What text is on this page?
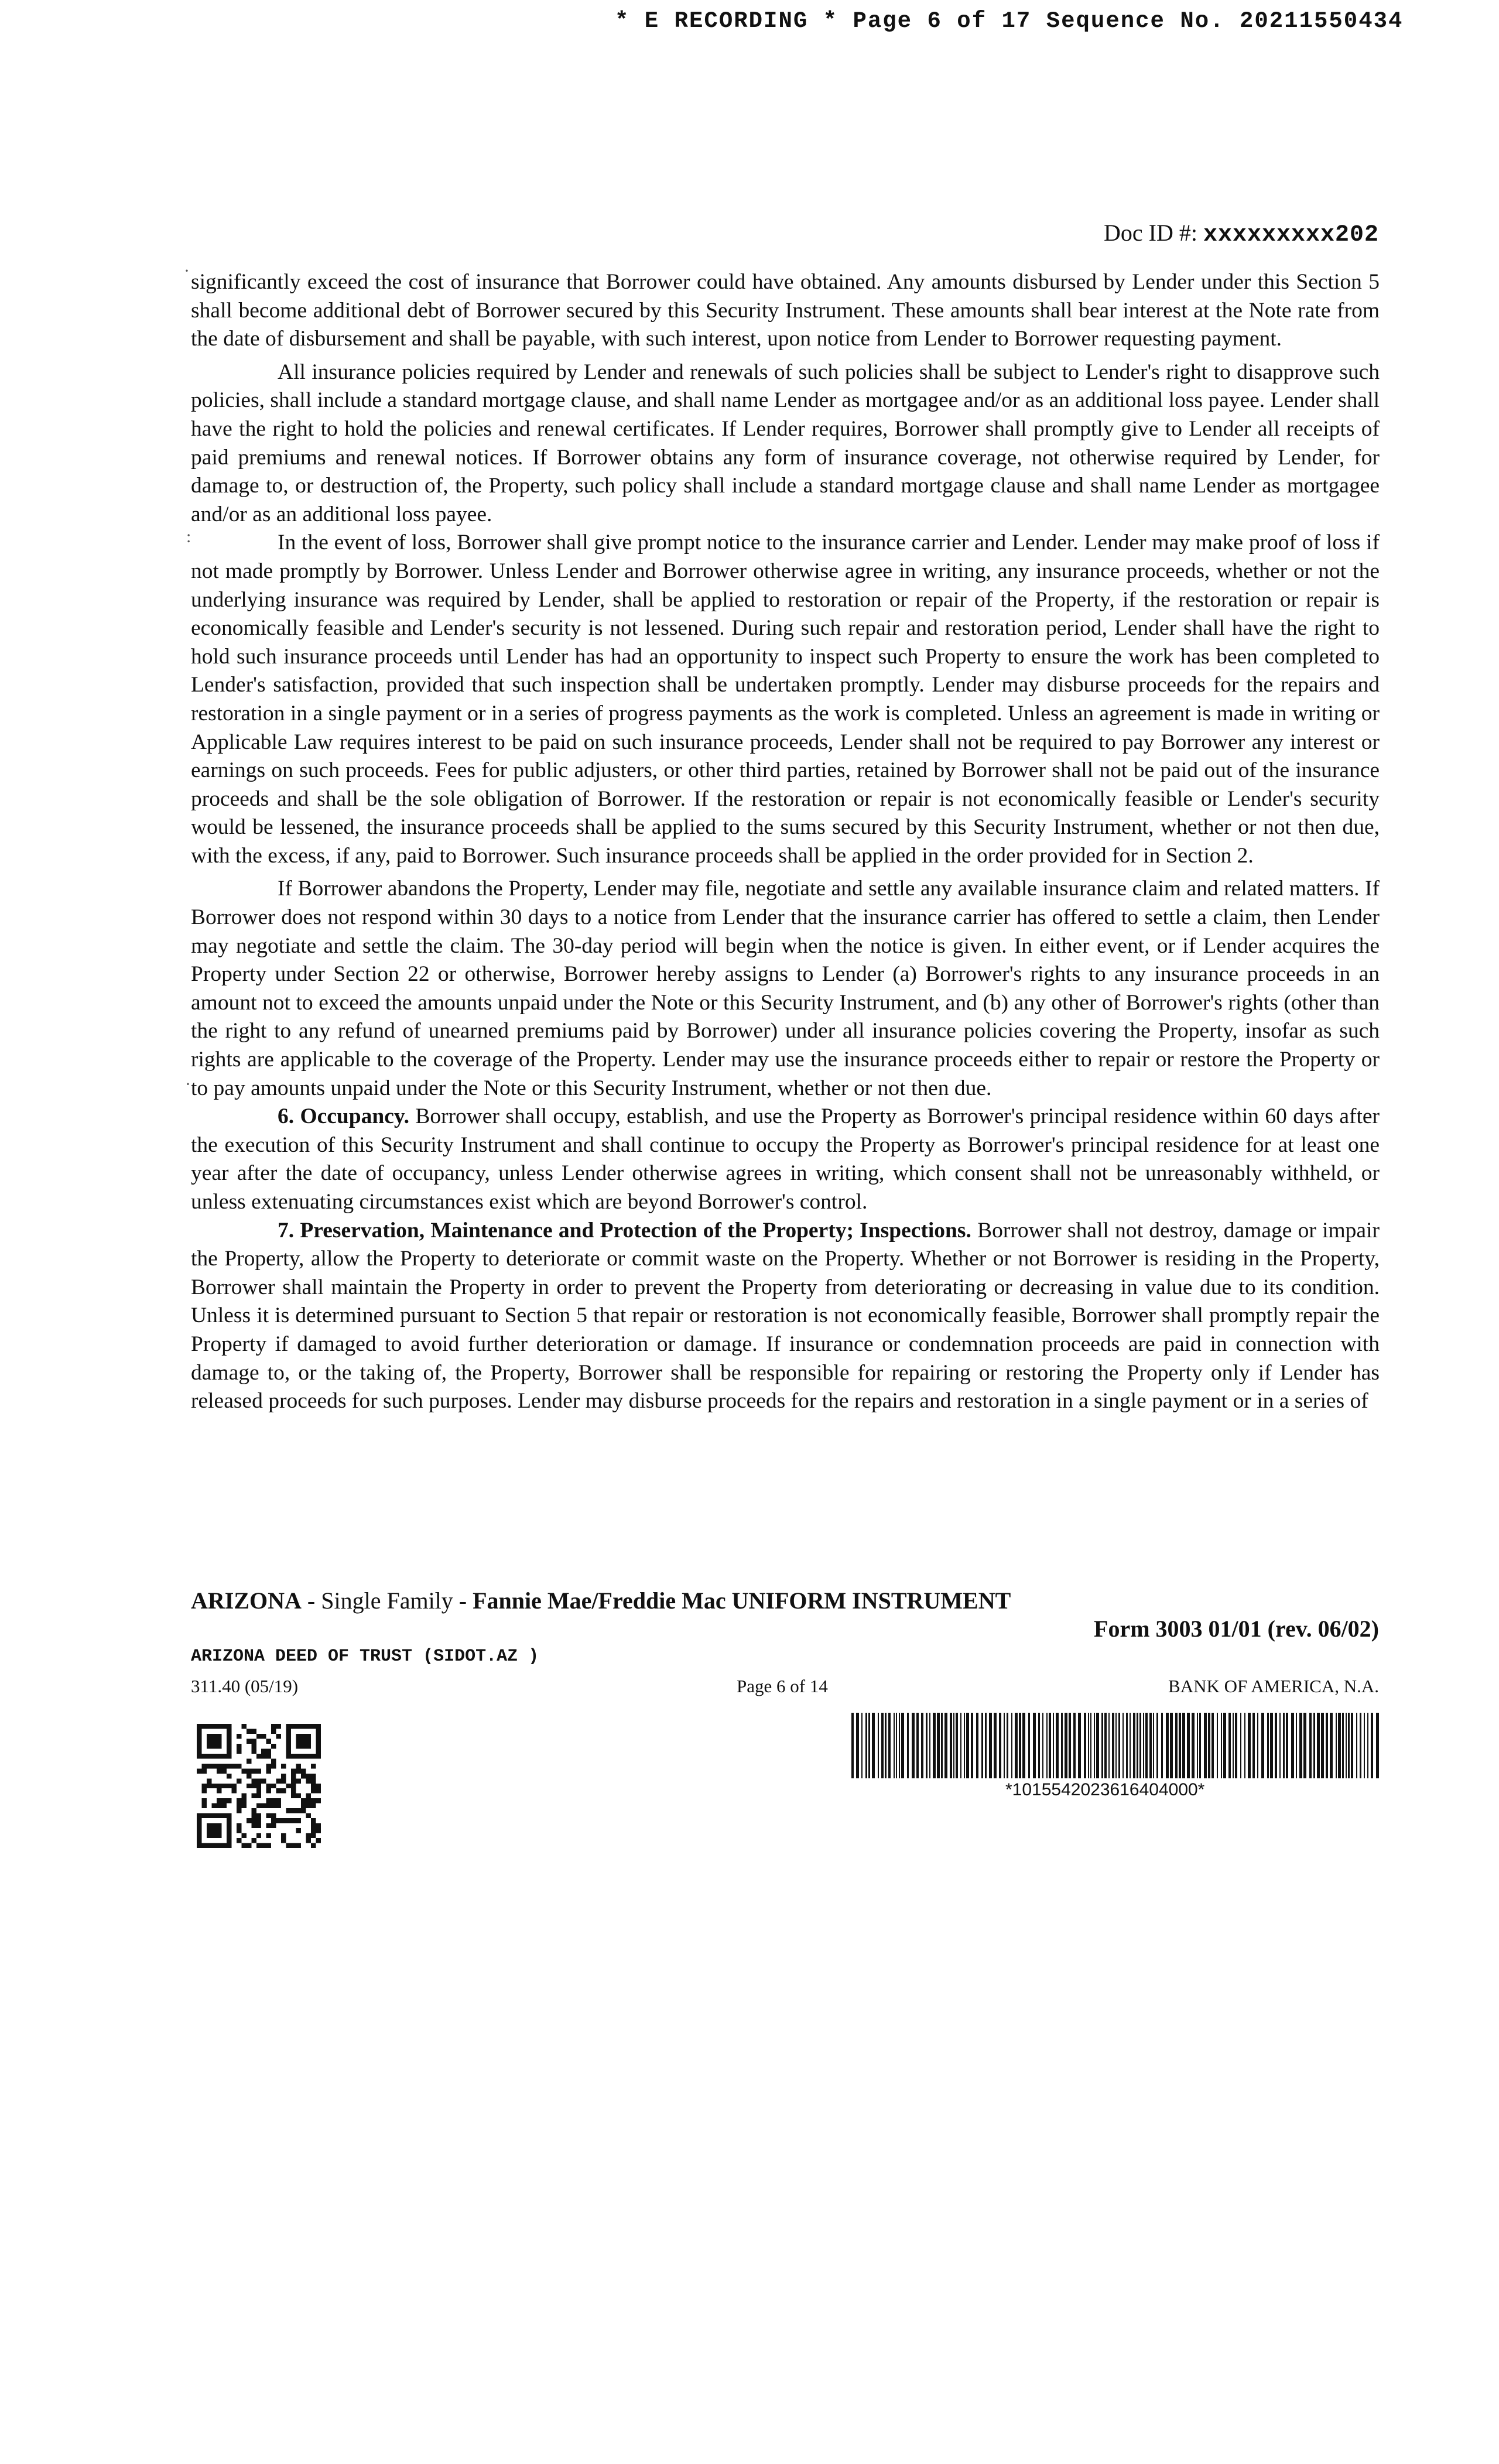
* E RECORDING * Page 6 of 17 Sequence No. 20211550434
Doc ID #: xxxxxxxxx202
·
:
·

significantly exceed the cost of insurance that Borrower could have obtained. Any amounts disbursed by Lender under this Section 5 shall become additional debt of Borrower secured by this Security Instrument. These amounts shall bear interest at the Note rate from the date of disbursement and shall be payable, with such interest, upon notice from Lender to Borrower requesting payment.

All insurance policies required by Lender and renewals of such policies shall be subject to Lender's right to disapprove such policies, shall include a standard mortgage clause, and shall name Lender as mortgagee and/or as an additional loss payee. Lender shall have the right to hold the policies and renewal certificates. If Lender requires, Borrower shall promptly give to Lender all receipts of paid premiums and renewal notices. If Borrower obtains any form of insurance coverage, not otherwise required by Lender, for damage to, or destruction of, the Property, such policy shall include a standard mortgage clause and shall name Lender as mortgagee and/or as an additional loss payee.

In the event of loss, Borrower shall give prompt notice to the insurance carrier and Lender. Lender may make proof of loss if not made promptly by Borrower. Unless Lender and Borrower otherwise agree in writing, any insurance proceeds, whether or not the underlying insurance was required by Lender, shall be applied to restoration or repair of the Property, if the restoration or repair is economically feasible and Lender's security is not lessened. During such repair and restoration period, Lender shall have the right to hold such insurance proceeds until Lender has had an opportunity to inspect such Property to ensure the work has been completed to Lender's satisfaction, provided that such inspection shall be undertaken promptly. Lender may disburse proceeds for the repairs and restoration in a single payment or in a series of progress payments as the work is completed. Unless an agreement is made in writing or Applicable Law requires interest to be paid on such insurance proceeds, Lender shall not be required to pay Borrower any interest or earnings on such proceeds. Fees for public adjusters, or other third parties, retained by Borrower shall not be paid out of the insurance proceeds and shall be the sole obligation of Borrower. If the restoration or repair is not economically feasible or Lender's security would be lessened, the insurance proceeds shall be applied to the sums secured by this Security Instrument, whether or not then due, with the excess, if any, paid to Borrower. Such insurance proceeds shall be applied in the order provided for in Section 2.

If Borrower abandons the Property, Lender may file, negotiate and settle any available insurance claim and related matters. If Borrower does not respond within 30 days to a notice from Lender that the insurance carrier has offered to settle a claim, then Lender may negotiate and settle the claim. The 30-day period will begin when the notice is given. In either event, or if Lender acquires the Property under Section 22 or otherwise, Borrower hereby assigns to Lender (a) Borrower's rights to any insurance proceeds in an amount not to exceed the amounts unpaid under the Note or this Security Instrument, and (b) any other of Borrower's rights (other than the right to any refund of unearned premiums paid by Borrower) under all insurance policies covering the Property, insofar as such rights are applicable to the coverage of the Property. Lender may use the insurance proceeds either to repair or restore the Property or to pay amounts unpaid under the Note or this Security Instrument, whether or not then due.

6. Occupancy. Borrower shall occupy, establish, and use the Property as Borrower's principal residence within 60 days after the execution of this Security Instrument and shall continue to occupy the Property as Borrower's principal residence for at least one year after the date of occupancy, unless Lender otherwise agrees in writing, which consent shall not be unreasonably withheld, or unless extenuating circumstances exist which are beyond Borrower's control.

7. Preservation, Maintenance and Protection of the Property; Inspections. Borrower shall not destroy, damage or impair the Property, allow the Property to deteriorate or commit waste on the Property. Whether or not Borrower is residing in the Property, Borrower shall maintain the Property in order to prevent the Property from deteriorating or decreasing in value due to its condition. Unless it is determined pursuant to Section 5 that repair or restoration is not economically feasible, Borrower shall promptly repair the Property if damaged to avoid further deterioration or damage. If insurance or condemnation proceeds are paid in connection with damage to, or the taking of, the Property, Borrower shall be responsible for repairing or restoring the Property only if Lender has released proceeds for such purposes. Lender may disburse proceeds for the repairs and restoration in a single payment or in a series of

ARIZONA - Single Family - Fannie Mae/Freddie Mac UNIFORM INSTRUMENT
Form 3003 01/01 (rev. 06/02)
ARIZONA DEED OF TRUST (SIDOT.AZ )
311.40 (05/19)	Page 6 of 14	BANK OF AMERICA, N.A.
*1015542023616404000*
